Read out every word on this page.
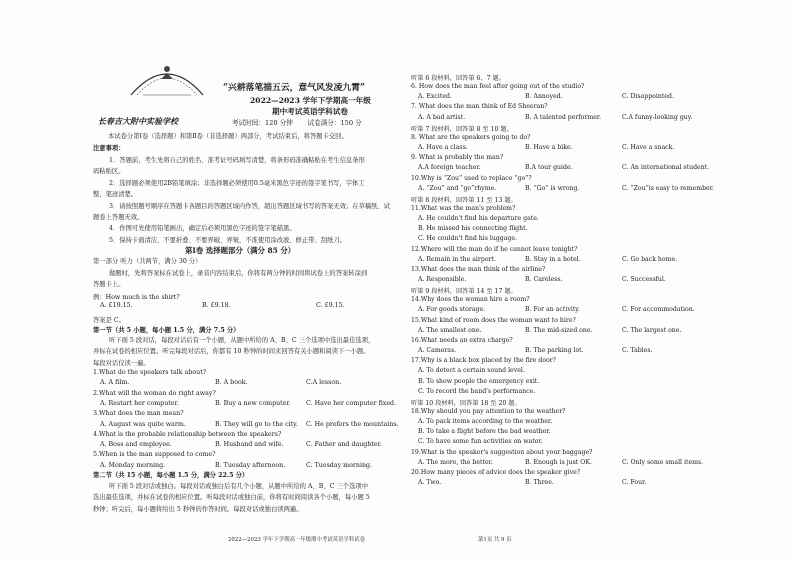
“兴耕落笔描五云，意气风发凌九霄”
2022—2023 学年下学期高一年级
期中考试英语学科试卷
长春吉大附中实验学校	考试时间：120 分钟 试卷满分：150 分
本试卷分第Ⅰ卷（选择题）和第Ⅱ卷（非选择题）两部分，考试结束后，将答题卡交回。
注意事项：
1．答题前，考生先将自己的姓名、准考证号码填写清楚，将条形码准确粘贴在考生信息条形
码粘贴区。
2．选择题必须使用2B铅笔填涂；非选择题必须使用0.5毫米黑色字迹的签字笔书写，字体工
整、笔迹清楚。
3．请按照题号顺序在答题卡各题目的答题区域内作答，超出答题区域书写的答案无效；在草稿纸、试
题卷上答题无效。
4．作图可先使用铅笔画出，确定后必须用黑色字迹的签字笔描黑。
5．保持卡面清洁，不要折叠、不要弄破、弄皱，不准使用涂改液、修正带、刮纸刀。
第Ⅰ卷 选择题部分（满分 85 分）
第一部分 听力（共两节，满分 30 分）
做题时，先将答案标在试卷上，录音内容结束后，你将有两分钟的时间将试卷上的答案转涂到
答题卡上。
例：How much is the shirt?
A. £19.15.	B. £9.18.	C. £9.15.
答案是 C。
第一节（共 5 小题，每小题 1.5 分，满分 7.5 分）
听下面 5 段对话，每段对话后有一个小题，从题中所给的 A、B、C 三个选项中选出最佳选项，
并标在试卷的相应位置。听完每段对话后，你都有 10 秒钟的时间来回答有关小题和阅读下一小题。
每段对话仅读一遍。
1.What do the speakers talk about?
A. A film.	B. A book.	C.A lesson.
2.What will the woman do right away?
A. Restart her computer.	B. Buy a new computer. C. Have her computer fixed.
3.What does the man mean?
A. August was quite warm.	B. They will go to the city. C. He prefers the mountains.
4.What is the probable relationship between the speakers?
A. Boss and employee.	B. Husband and wife.	C. Father and daughter.
5.When is the man supposed to come?
A. Monday morning.	B. Tuesday afternoon.	C. Tuesday morning.
第二节（共 15 小题，每小题 1.5 分，满分 22.5 分）
听下面 5 段对话或独白。每段对话或独白后有几个小题，从题中所给的 A、B、C 三个选项中
选出最佳选项，并标在试卷的相应位置。听每段对话或独白前，你将有时间阅读各个小题，每小题 5
秒钟；听完后，每小题将给出 5 秒钟的作答时间。每段对话或独白读两遍。
听第 6 段材料，回答第 6、7 题。
6. How does the man feel after going out of the studio?
A. Excited.	B. Annoyed.	C. Disappointed.
7. What does the man think of Ed Sheeran?
A. A bad artist.	B. A talented performer.	C.A funny-looking guy.
听第 7 段材料，回答第 8 至 10 题。
8. What are the speakers going to do?
A. Have a class.	B. Have a bike.	C. Have a snack.
9. What is probably the man?
A.A foreign teacher.	B.A tour guide.	C. An international student.
10.Why is “Zou” used to replace “go”?
A. “Zou” and “go”rhyme.	B. “Go” is wrong.	C. “Zou”is easy to remember.
听第 8 段材料，回答第 11 至 13 题。
11.What was the man's problem?
A. He couldn't find his departure gate.
B. He missed his connecting flight.
C. He couldn't find his luggage.
12.Where will the man do if he cannot leave tonight?
A. Remain in the airport.	B. Stay in a hotel.	C. Go back home.
13.What does the man think of the airline?
A. Responsible.	B. Careless.	C. Successful.
听第 9 段材料，回答第 14 至 17 题。
14.Why does the woman hire a room?
A. For goods storage.	B. For an activity.	C. For accommodation.
15.What kind of room does the woman want to hire?
A. The smallest one.	B. The mid-sized one.	C. The largest one.
16.What needs an extra charge?
A. Cameras.	B. The parking lot.	C. Tables.
17.Why is a black box placed by the fire door?
A. To detect a certain sound level.
B. To show people the emergency exit.
C. To record the band's performance.
听第 10 段材料，回答第 18 至 20 题。
18.Why should you pay attention to the weather?
A. To pack items according to the weather.
B. To take a flight before the bad weather.
C. To have some fun activities on water.
19.What is the speaker's suggestion about your baggage?
A. The more, the better.	B. Enough is just OK.	C. Only some small items.
20.How many pieces of advice does the speaker give?
A. Two.	B. Three.	C. Four.
2022—2023 学年下学期高一年级期中考试英语学科试卷	第1页 共 9 页
